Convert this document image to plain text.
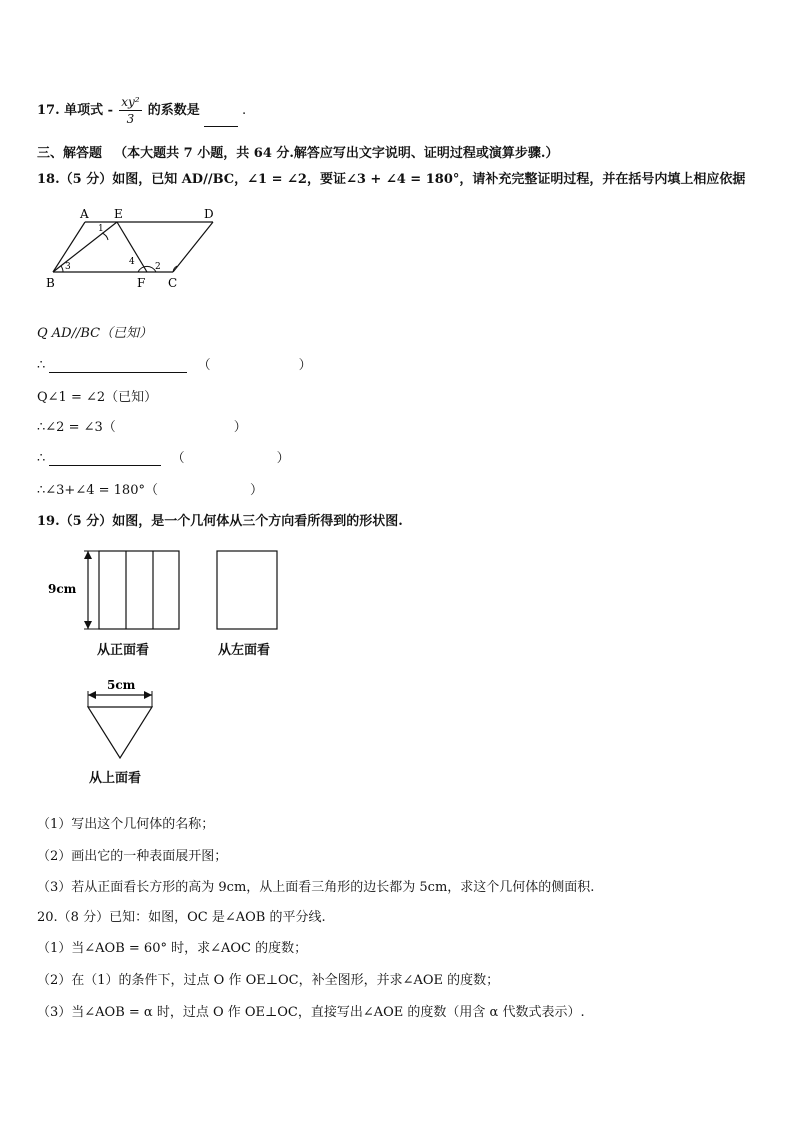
17. 单项式 - $\frac{\text{xy²}}{3}$ 的系数是	.
三、解答题 （本大题共 7 小题，共 64 分.解答应写出文字说明、证明过程或演算步骤.）
18.（5 分）如图，已知 AD//BC，∠1 = ∠2，要证∠3 + ∠4 = 180°，请补充完整证明过程，并在括号内填上相应依据
A E	D
B	F C
1
2
3	4
Q AD//BC（已知）
∴	（	）
Q∠1 = ∠2（已知）
∴∠2 = ∠3（	）
∴	（	）
∴∠3+∠4 = 180°（	）
19.（5 分）如图，是一个几何体从三个方向看所得到的形状图.
9cm
从正面看	从左面看
5cm
从上面看
（1）写出这个几何体的名称；
（2）画出它的一种表面展开图；
（3）若从正面看长方形的高为 9cm，从上面看三角形的边长都为 5cm，求这个几何体的侧面积.
20.（8 分）已知：如图，OC 是∠AOB 的平分线.
（1）当∠AOB = 60° 时，求∠AOC 的度数；
（2）在（1）的条件下，过点 O 作 OE⊥OC，补全图形，并求∠AOE 的度数；
（3）当∠AOB = α 时，过点 O 作 OE⊥OC，直接写出∠AOE 的度数（用含 α 代数式表示）.
